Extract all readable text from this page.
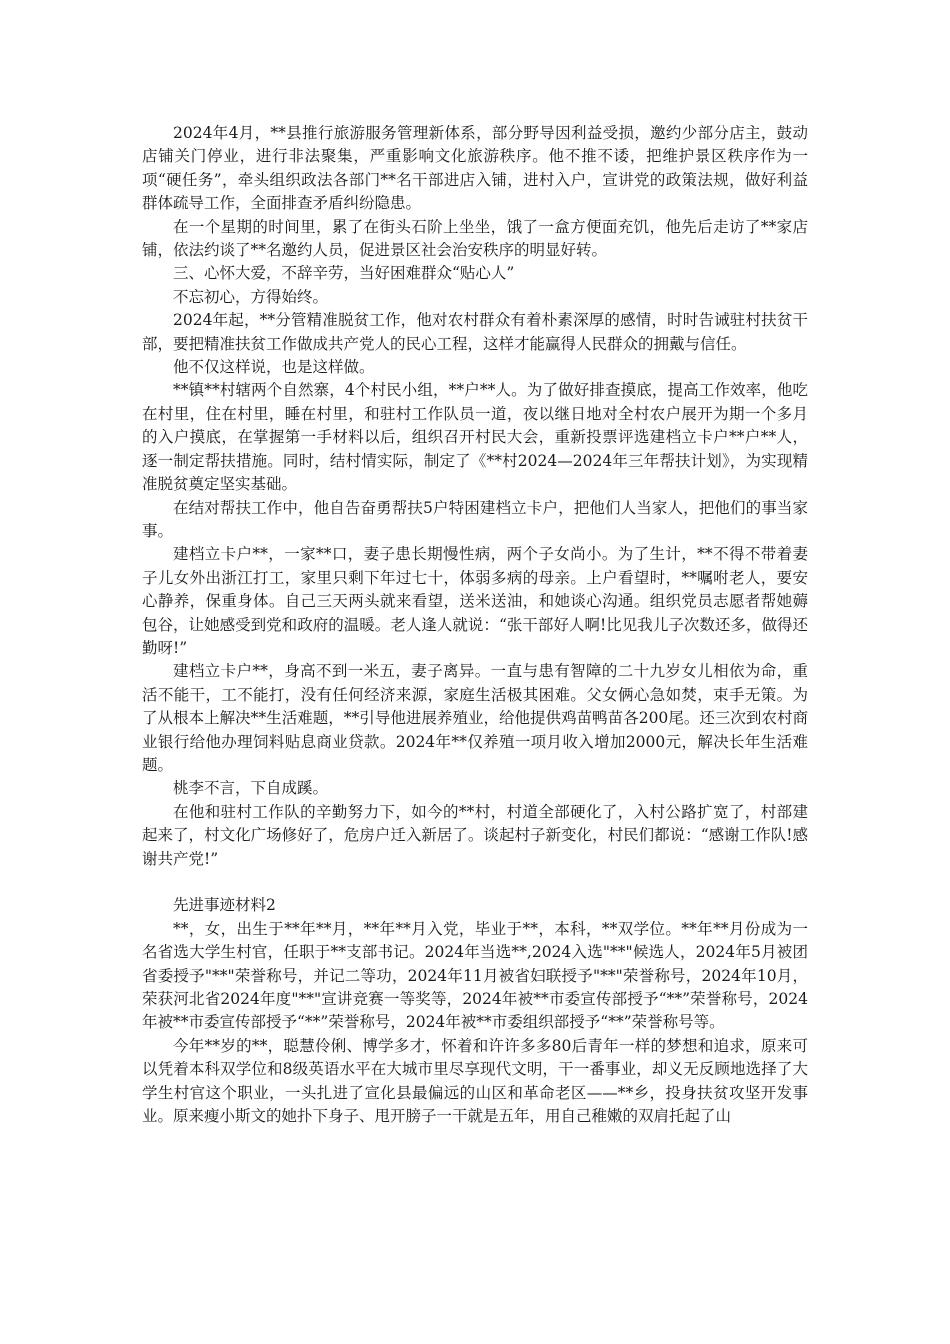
2024年4月，**县推行旅游服务管理新体系，部分野导因利益受损，邀约少部分店主，鼓动店铺关门停业，进行非法聚集，严重影响文化旅游秩序。他不推不诿，把维护景区秩序作为一项“硬任务”，牵头组织政法各部门**名干部进店入铺，进村入户，宣讲党的政策法规，做好利益群体疏导工作，全面排查矛盾纠纷隐患。

在一个星期的时间里，累了在街头石阶上坐坐，饿了一盒方便面充饥，他先后走访了**家店铺，依法约谈了**名邀约人员，促进景区社会治安秩序的明显好转。

三、心怀大爱，不辞辛劳，当好困难群众“贴心人”

不忘初心，方得始终。

2024年起，**分管精准脱贫工作，他对农村群众有着朴素深厚的感情，时时告诫驻村扶贫干部，要把精准扶贫工作做成共产党人的民心工程，这样才能赢得人民群众的拥戴与信任。

他不仅这样说，也是这样做。

**镇**村辖两个自然寨，4个村民小组，**户**人。为了做好排查摸底，提高工作效率，他吃在村里，住在村里，睡在村里，和驻村工作队员一道，夜以继日地对全村农户展开为期一个多月的入户摸底，在掌握第一手材料以后，组织召开村民大会，重新投票评选建档立卡户**户**人，逐一制定帮扶措施。同时，结村情实际，制定了《**村2024—2024年三年帮扶计划》，为实现精准脱贫奠定坚实基础。

在结对帮扶工作中，他自告奋勇帮扶5户特困建档立卡户，把他们人当家人，把他们的事当家事。

建档立卡户**，一家**口，妻子患长期慢性病，两个子女尚小。为了生计，**不得不带着妻子儿女外出浙江打工，家里只剩下年过七十，体弱多病的母亲。上户看望时，**嘱咐老人，要安心静养，保重身体。自己三天两头就来看望，送米送油，和她谈心沟通。组织党员志愿者帮她薅包谷，让她感受到党和政府的温暖。老人逢人就说：“张干部好人啊!比见我儿子次数还多，做得还勤呀!”

建档立卡户**，身高不到一米五，妻子离异。一直与患有智障的二十九岁女儿相依为命，重活不能干，工不能打，没有任何经济来源，家庭生活极其困难。父女俩心急如焚，束手无策。为了从根本上解决**生活难题，**引导他进展养殖业，给他提供鸡苗鸭苗各200尾。还三次到农村商业银行给他办理饲料贴息商业贷款。2024年**仅养殖一项月收入增加2000元，解决长年生活难题。

桃李不言，下自成蹊。

在他和驻村工作队的辛勤努力下，如今的**村，村道全部硬化了，入村公路扩宽了，村部建起来了，村文化广场修好了，危房户迁入新居了。谈起村子新变化，村民们都说：“感谢工作队!感谢共产党!”

先进事迹材料2

**，女，出生于**年**月，**年**月入党，毕业于**，本科，**双学位。**年**月份成为一名省选大学生村官，任职于**支部书记。2024年当选**,2024入选"**"候选人，2024年5月被团省委授予"**"荣誉称号，并记二等功，2024年11月被省妇联授予"**"荣誉称号，2024年10月，荣获河北省2024年度"**"宣讲竞赛一等奖等，2024年被**市委宣传部授予“**”荣誉称号，2024年被**市委宣传部授予“**”荣誉称号，2024年被**市委组织部授予“**”荣誉称号等。

今年**岁的**，聪慧伶俐、博学多才，怀着和许许多多80后青年一样的梦想和追求，原来可以凭着本科双学位和8级英语水平在大城市里尽享现代文明，干一番事业，却义无反顾地选择了大学生村官这个职业，一头扎进了宣化县最偏远的山区和革命老区——**乡，投身扶贫攻坚开发事业。原来瘦小斯文的她扑下身子、甩开膀子一干就是五年，用自己稚嫩的双肩托起了山
